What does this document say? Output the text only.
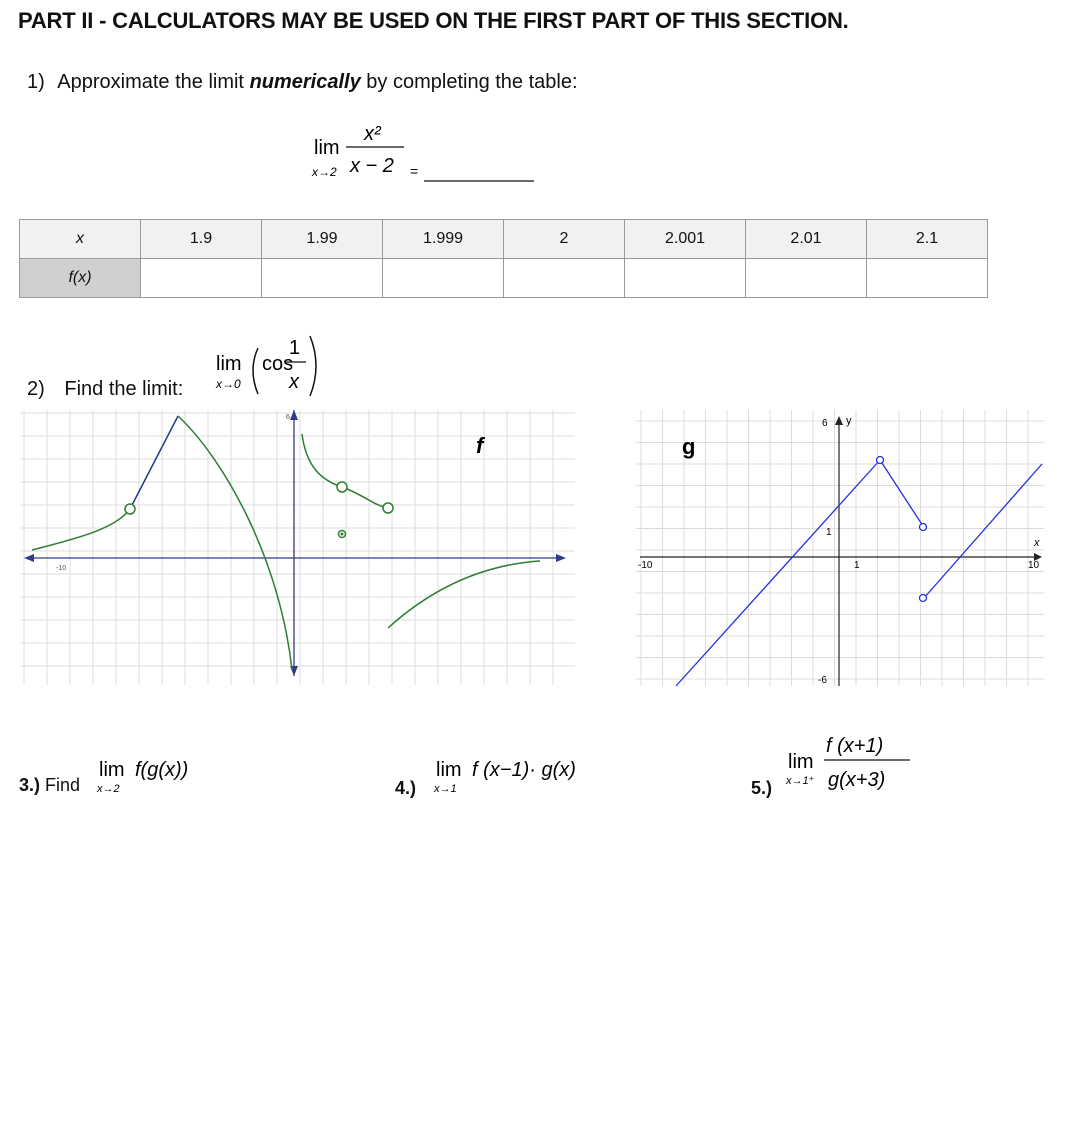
PART II - CALCULATORS MAY BE USED ON THE FIRST PART OF THIS SECTION.
1) Approximate the limit numerically by completing the table:
lim
x→2
x²
x − 2 =
x	1.9	1.99	1.999	2	2.001	2.01	2.1
f(x)							
2) Find the limit:
lim
x→0
cos
1
x
-10
6
f
y
x
6
1
-10	1	10
-6
g
3.) Find
lim
x→2
f(g(x))
4.)
lim
x→1
f (x−1)· g(x)
5.)
lim
x→1⁺
f (x+1)
g(x+3)
